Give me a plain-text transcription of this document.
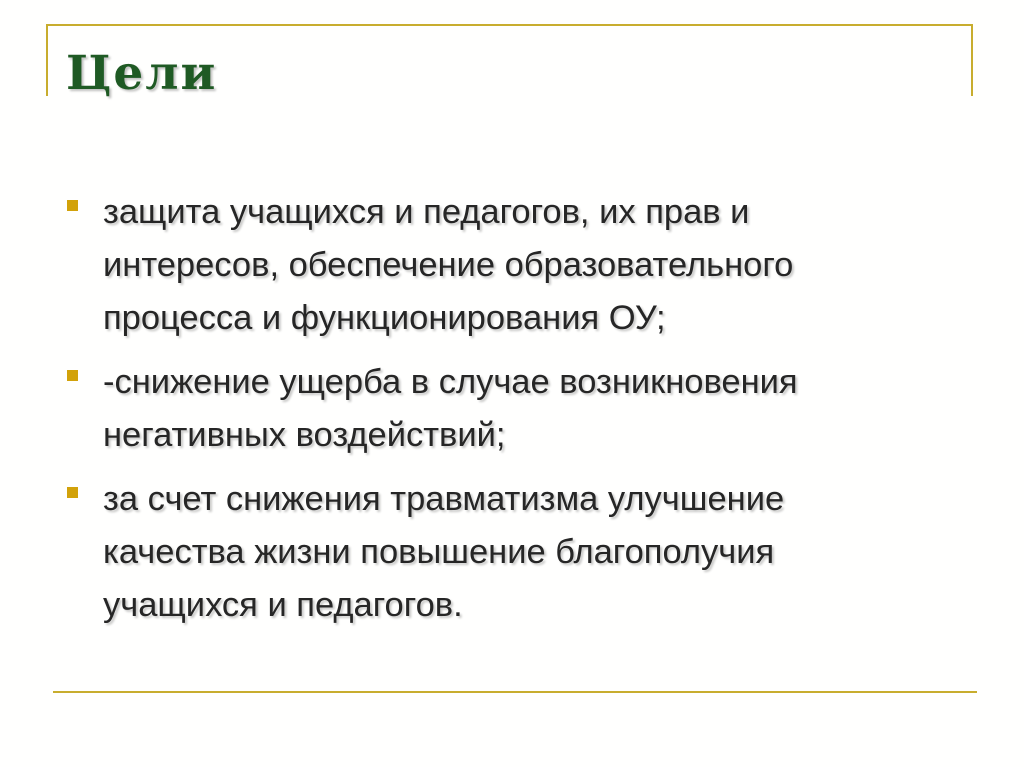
Цели
защита учащихся и педагогов, их прав и
интересов, обеспечение образовательного
процесса и функционирования ОУ;
-снижение ущерба в случае возникновения
негативных воздействий;
за счет снижения травматизма улучшение
качества жизни повышение благополучия
учащихся и педагогов.
